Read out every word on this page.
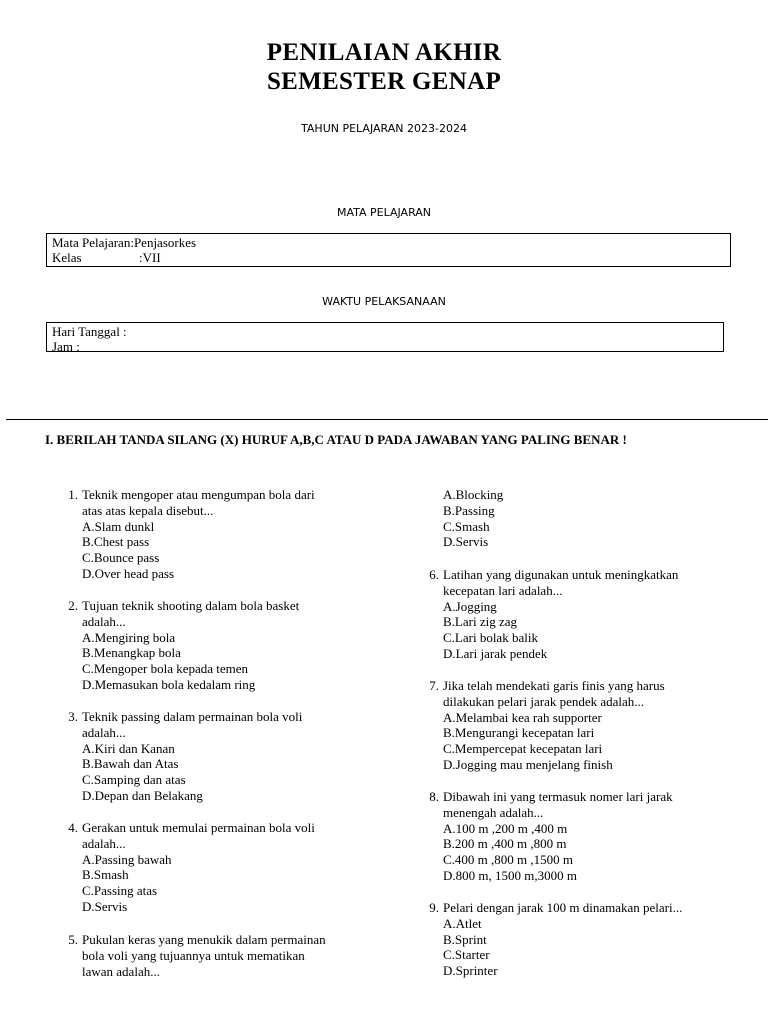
PENILAIAN AKHIR
SEMESTER GENAP
TAHUN PELAJARAN 2023-2024
MATA PELAJARAN
Mata Pelajaran:Penjasorkes
Kelas	:VII
WAKTU PELAKSANAAN
Hari Tanggal :
Jam :
I. BERILAH TANDA SILANG (X) HURUF A,B,C ATAU D PADA JAWABAN YANG PALING BENAR !
1. Teknik mengoper atau mengumpan bola dari
atas atas kepala disebut...
A.Slam dunkl
B.Chest pass
C.Bounce pass
D.Over head pass
2. Tujuan teknik shooting dalam bola basket
adalah...
A.Mengiring bola
B.Menangkap bola
C.Mengoper bola kepada temen
D.Memasukan bola kedalam ring
3. Teknik passing dalam permainan bola voli
adalah...
A.Kiri dan Kanan
B.Bawah dan Atas
C.Samping dan atas
D.Depan dan Belakang
4. Gerakan untuk memulai permainan bola voli
adalah...
A.Passing bawah
B.Smash
C.Passing atas
D.Servis
5. Pukulan keras yang menukik dalam permainan
bola voli yang tujuannya untuk mematikan
lawan adalah...
A.Blocking
B.Passing
C.Smash
D.Servis
6. Latihan yang digunakan untuk meningkatkan
kecepatan lari adalah...
A.Jogging
B.Lari zig zag
C.Lari bolak balik
D.Lari jarak pendek
7. Jika telah mendekati garis finis yang harus
dilakukan pelari jarak pendek adalah...
A.Melambai kea rah supporter
B.Mengurangi kecepatan lari
C.Mempercepat kecepatan lari
D.Jogging mau menjelang finish
8. Dibawah ini yang termasuk nomer lari jarak
menengah adalah...
A.100 m ,200 m ,400 m
B.200 m ,400 m ,800 m
C.400 m ,800 m ,1500 m
D.800 m, 1500 m,3000 m
9. Pelari dengan jarak 100 m dinamakan pelari...
A.Atlet
B.Sprint
C.Starter
D.Sprinter
